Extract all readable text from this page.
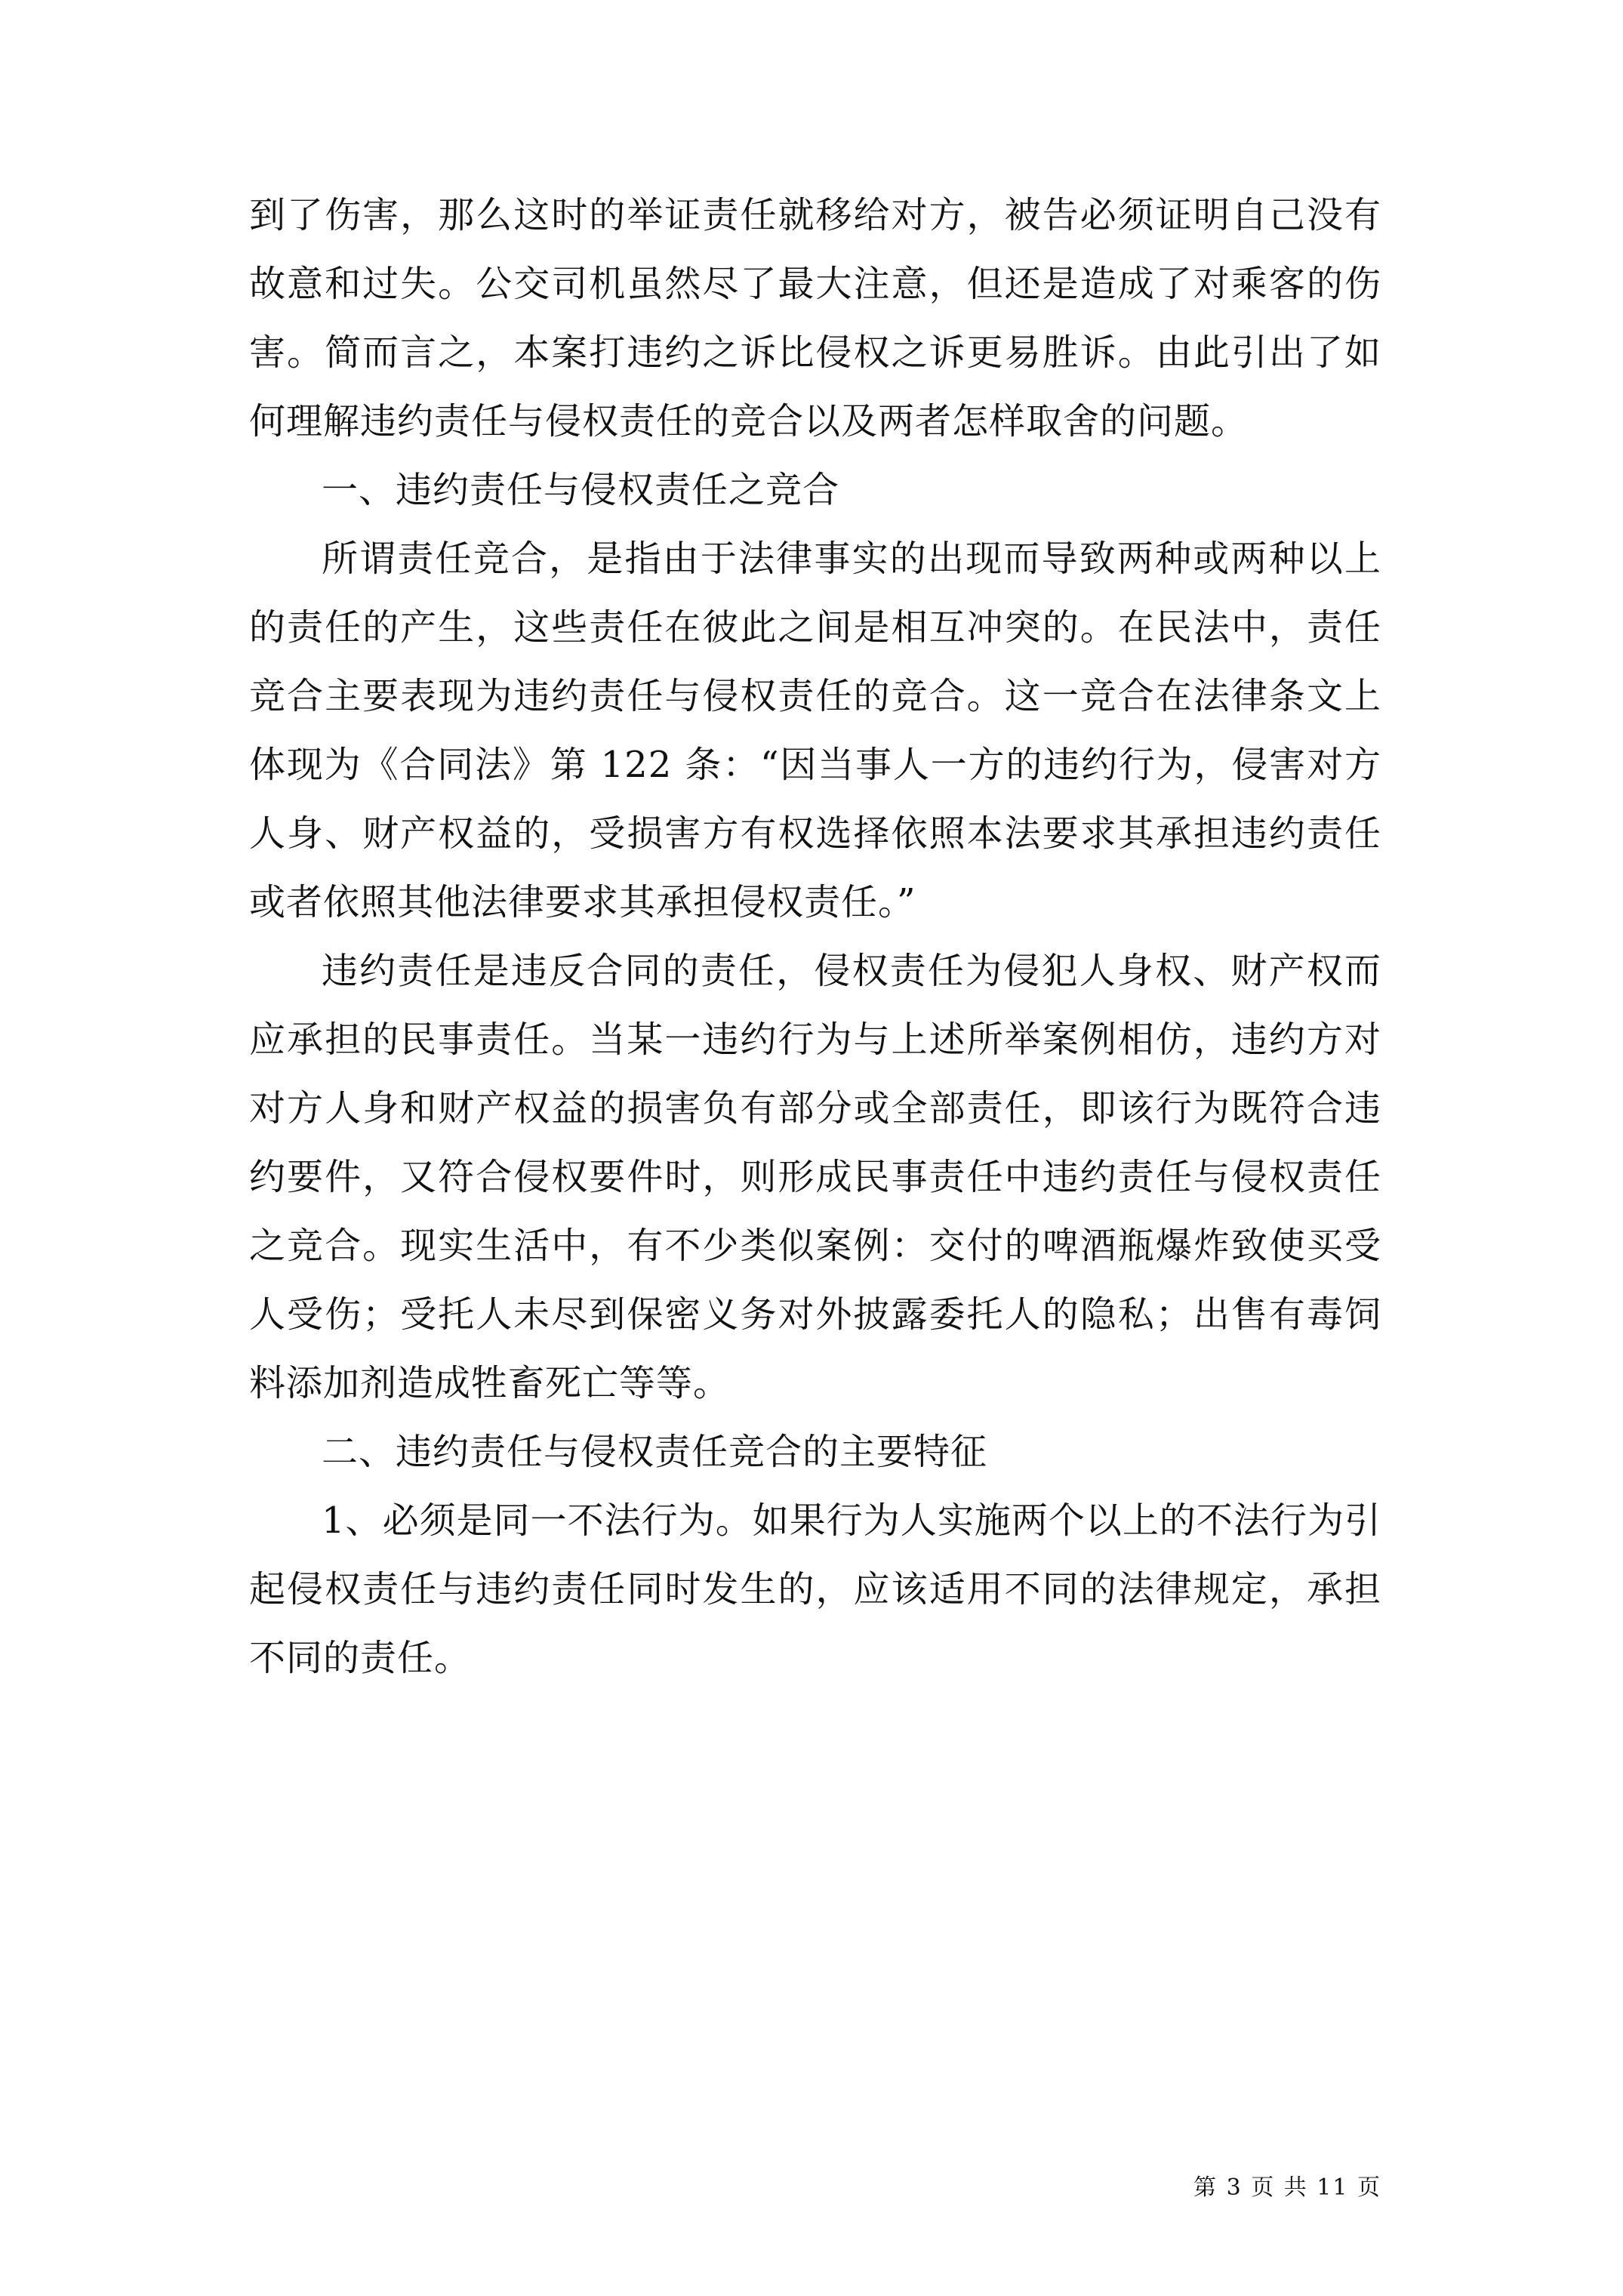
到了伤害，那么这时的举证责任就移给对方，被告必须证明自己没有故意和过失。公交司机虽然尽了最大注意，但还是造成了对乘客的伤害。简而言之，本案打违约之诉比侵权之诉更易胜诉。由此引出了如何理解违约责任与侵权责任的竞合以及两者怎样取舍的问题。

一、违约责任与侵权责任之竞合

所谓责任竞合，是指由于法律事实的出现而导致两种或两种以上的责任的产生，这些责任在彼此之间是相互冲突的。在民法中，责任竞合主要表现为违约责任与侵权责任的竞合。这一竞合在法律条文上体现为《合同法》第 122 条：“因当事人一方的违约行为，侵害对方人身、财产权益的，受损害方有权选择依照本法要求其承担违约责任或者依照其他法律要求其承担侵权责任。”

违约责任是违反合同的责任，侵权责任为侵犯人身权、财产权而应承担的民事责任。当某一违约行为与上述所举案例相仿，违约方对对方人身和财产权益的损害负有部分或全部责任，即该行为既符合违约要件，又符合侵权要件时，则形成民事责任中违约责任与侵权责任之竞合。现实生活中，有不少类似案例：交付的啤酒瓶爆炸致使买受人受伤；受托人未尽到保密义务对外披露委托人的隐私；出售有毒饲料添加剂造成牲畜死亡等等。

二、违约责任与侵权责任竞合的主要特征

1、必须是同一不法行为。如果行为人实施两个以上的不法行为引起侵权责任与违约责任同时发生的，应该适用不同的法律规定，承担不同的责任。

第 3 页 共 11 页
